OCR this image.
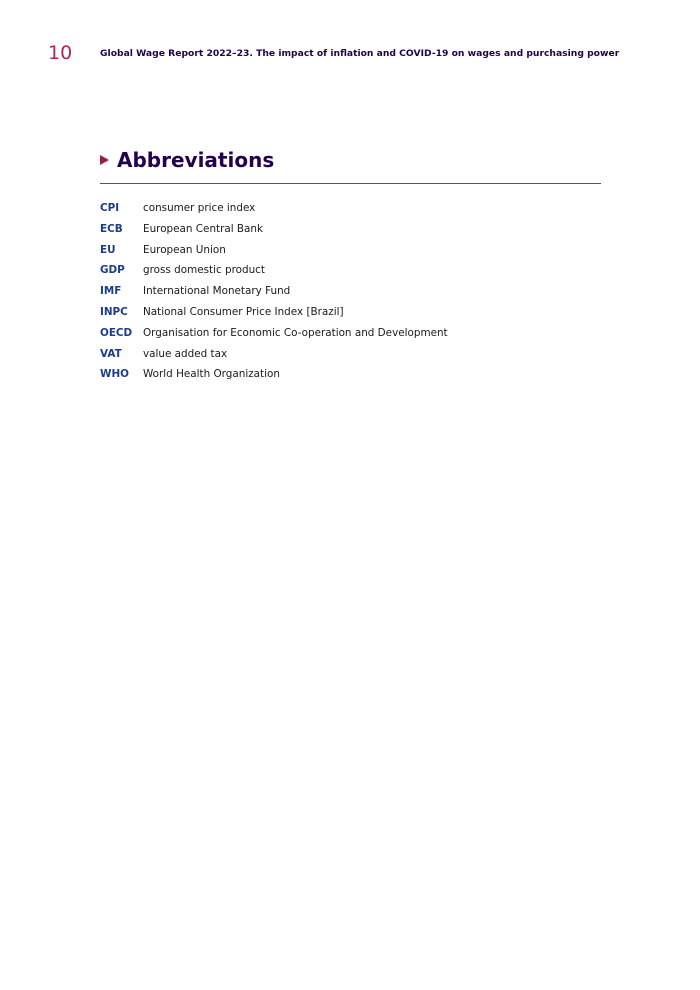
10	Global Wage Report 2022–23. The impact of inflation and COVID-19 on wages and purchasing power
Abbreviations
CPI	consumer price index
ECB	European Central Bank
EU	European Union
GDP	gross domestic product
IMF	International Monetary Fund
INPC	National Consumer Price Index [Brazil]
OECD	Organisation for Economic Co-operation and Development
VAT	value added tax
WHO	World Health Organization
